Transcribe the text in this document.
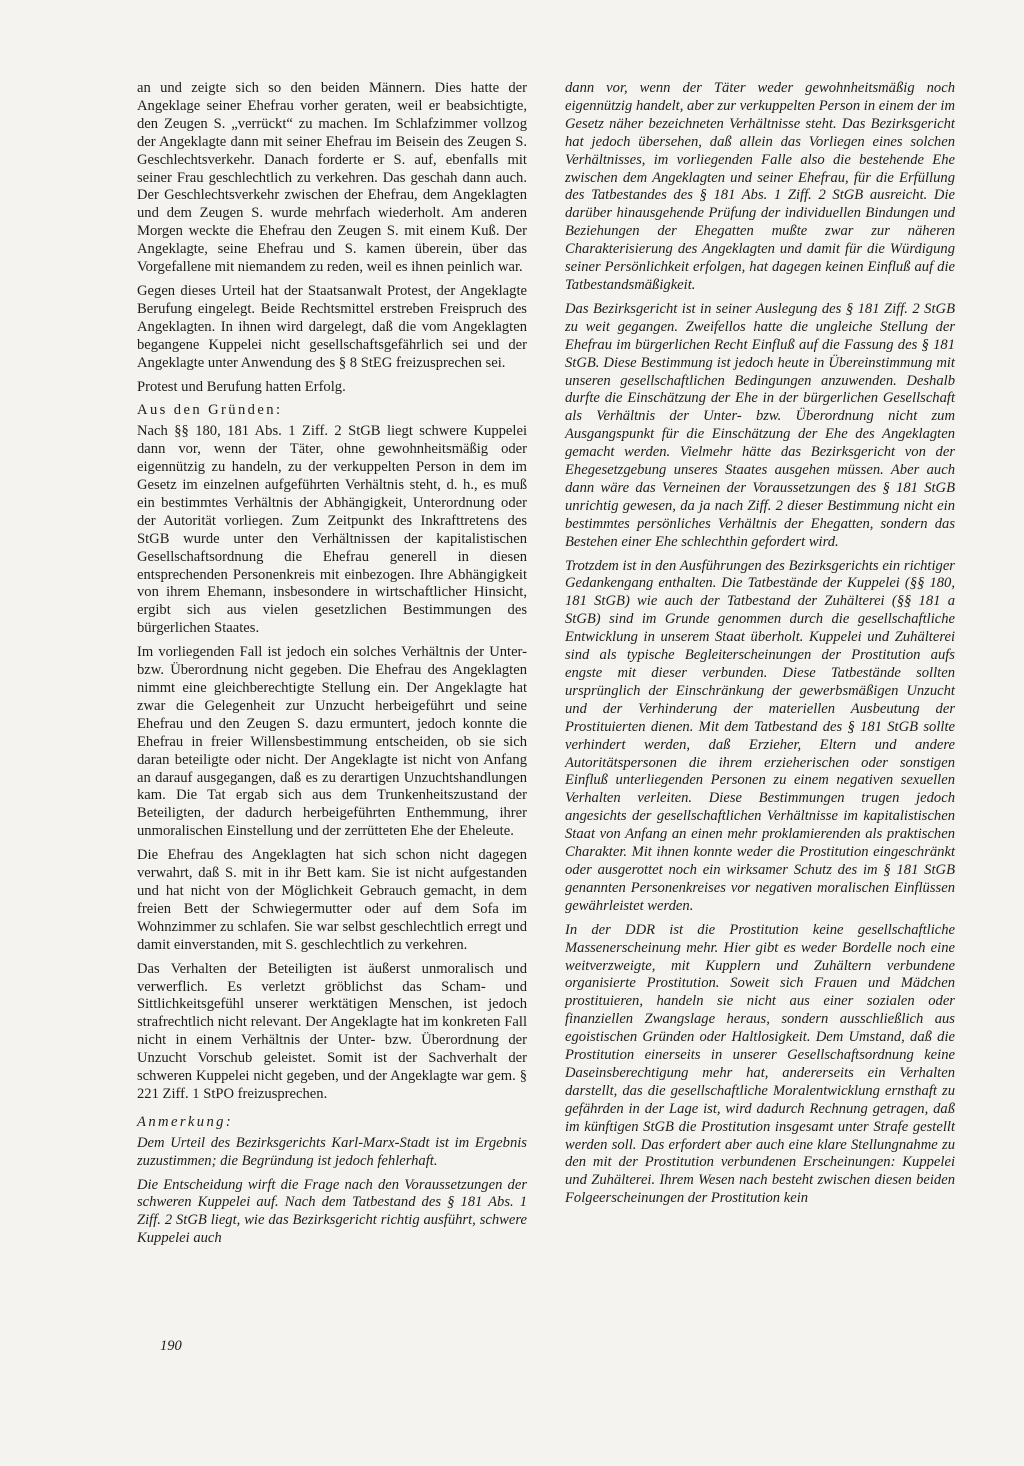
an und zeigte sich so den beiden Männern. Dies hatte der Angeklage seiner Ehefrau vorher geraten, weil er beabsichtigte, den Zeugen S. „verrückt“ zu machen. Im Schlafzimmer vollzog der Angeklagte dann mit seiner Ehefrau im Beisein des Zeugen S. Geschlechtsverkehr. Danach forderte er S. auf, ebenfalls mit seiner Frau geschlechtlich zu verkehren. Das geschah dann auch. Der Geschlechtsverkehr zwischen der Ehefrau, dem Angeklagten und dem Zeugen S. wurde mehrfach wiederholt. Am anderen Morgen weckte die Ehefrau den Zeugen S. mit einem Kuß. Der Angeklagte, seine Ehefrau und S. kamen überein, über das Vorgefallene mit niemandem zu reden, weil es ihnen peinlich war.

Gegen dieses Urteil hat der Staatsanwalt Protest, der Angeklagte Berufung eingelegt. Beide Rechtsmittel erstreben Freispruch des Angeklagten. In ihnen wird dargelegt, daß die vom Angeklagten begangene Kuppelei nicht gesellschaftsgefährlich sei und der Angeklagte unter Anwendung des § 8 StEG freizusprechen sei.

Protest und Berufung hatten Erfolg.

Aus den Gründen:

Nach §§ 180, 181 Abs. 1 Ziff. 2 StGB liegt schwere Kuppelei dann vor, wenn der Täter, ohne gewohnheitsmäßig oder eigennützig zu handeln, zu der verkuppelten Person in dem im Gesetz im einzelnen aufgeführten Verhältnis steht, d. h., es muß ein bestimmtes Verhältnis der Abhängigkeit, Unterordnung oder der Autorität vorliegen. Zum Zeitpunkt des Inkrafttretens des StGB wurde unter den Verhältnissen der kapitalistischen Gesellschaftsordnung die Ehefrau generell in diesen entsprechenden Personenkreis mit einbezogen. Ihre Abhängigkeit von ihrem Ehemann, insbesondere in wirtschaftlicher Hinsicht, ergibt sich aus vielen gesetzlichen Bestimmungen des bürgerlichen Staates.

Im vorliegenden Fall ist jedoch ein solches Verhältnis der Unter- bzw. Überordnung nicht gegeben. Die Ehefrau des Angeklagten nimmt eine gleichberechtigte Stellung ein. Der Angeklagte hat zwar die Gelegenheit zur Unzucht herbeigeführt und seine Ehefrau und den Zeugen S. dazu ermuntert, jedoch konnte die Ehefrau in freier Willensbestimmung entscheiden, ob sie sich daran beteiligte oder nicht. Der Angeklagte ist nicht von Anfang an darauf ausgegangen, daß es zu derartigen Unzuchtshandlungen kam. Die Tat ergab sich aus dem Trunkenheitszustand der Beteiligten, der dadurch herbeigeführten Enthemmung, ihrer unmoralischen Einstellung und der zerrütteten Ehe der Eheleute.

Die Ehefrau des Angeklagten hat sich schon nicht dagegen verwahrt, daß S. mit in ihr Bett kam. Sie ist nicht aufgestanden und hat nicht von der Möglichkeit Gebrauch gemacht, in dem freien Bett der Schwiegermutter oder auf dem Sofa im Wohnzimmer zu schlafen. Sie war selbst geschlechtlich erregt und damit einverstanden, mit S. geschlechtlich zu verkehren.

Das Verhalten der Beteiligten ist äußerst unmoralisch und verwerflich. Es verletzt gröblichst das Scham- und Sittlichkeitsgefühl unserer werktätigen Menschen, ist jedoch strafrechtlich nicht relevant. Der Angeklagte hat im konkreten Fall nicht in einem Verhältnis der Unter- bzw. Überordnung der Unzucht Vorschub geleistet. Somit ist der Sachverhalt der schweren Kuppelei nicht gegeben, und der Angeklagte war gem. § 221 Ziff. 1 StPO freizusprechen.

Anmerkung:

Dem Urteil des Bezirksgerichts Karl-Marx-Stadt ist im Ergebnis zuzustimmen; die Begründung ist jedoch fehlerhaft.

Die Entscheidung wirft die Frage nach den Voraussetzungen der schweren Kuppelei auf. Nach dem Tatbestand des § 181 Abs. 1 Ziff. 2 StGB liegt, wie das Bezirksgericht richtig ausführt, schwere Kuppelei auch

dann vor, wenn der Täter weder gewohnheitsmäßig noch eigennützig handelt, aber zur verkuppelten Person in einem der im Gesetz näher bezeichneten Verhältnisse steht. Das Bezirksgericht hat jedoch übersehen, daß allein das Vorliegen eines solchen Verhältnisses, im vorliegenden Falle also die bestehende Ehe zwischen dem Angeklagten und seiner Ehefrau, für die Erfüllung des Tatbestandes des § 181 Abs. 1 Ziff. 2 StGB ausreicht. Die darüber hinausgehende Prüfung der individuellen Bindungen und Beziehungen der Ehegatten mußte zwar zur näheren Charakterisierung des Angeklagten und damit für die Würdigung seiner Persönlichkeit erfolgen, hat dagegen keinen Einfluß auf die Tatbestandsmäßigkeit.

Das Bezirksgericht ist in seiner Auslegung des § 181 Ziff. 2 StGB zu weit gegangen. Zweifellos hatte die ungleiche Stellung der Ehefrau im bürgerlichen Recht Einfluß auf die Fassung des § 181 StGB. Diese Bestimmung ist jedoch heute in Übereinstimmung mit unseren gesellschaftlichen Bedingungen anzuwenden. Deshalb durfte die Einschätzung der Ehe in der bürgerlichen Gesellschaft als Verhältnis der Unter- bzw. Überordnung nicht zum Ausgangspunkt für die Einschätzung der Ehe des Angeklagten gemacht werden. Vielmehr hätte das Bezirksgericht von der Ehegesetzgebung unseres Staates ausgehen müssen. Aber auch dann wäre das Verneinen der Voraussetzungen des § 181 StGB unrichtig gewesen, da ja nach Ziff. 2 dieser Bestimmung nicht ein bestimmtes persönliches Verhältnis der Ehegatten, sondern das Bestehen einer Ehe schlechthin gefordert wird.

Trotzdem ist in den Ausführungen des Bezirksgerichts ein richtiger Gedankengang enthalten. Die Tatbestände der Kuppelei (§§ 180, 181 StGB) wie auch der Tatbestand der Zuhälterei (§§ 181 a StGB) sind im Grunde genommen durch die gesellschaftliche Entwicklung in unserem Staat überholt. Kuppelei und Zuhälterei sind als typische Begleiterscheinungen der Prostitution aufs engste mit dieser verbunden. Diese Tatbestände sollten ursprünglich der Einschränkung der gewerbsmäßigen Unzucht und der Verhinderung der materiellen Ausbeutung der Prostituierten dienen. Mit dem Tatbestand des § 181 StGB sollte verhindert werden, daß Erzieher, Eltern und andere Autoritätspersonen die ihrem erzieherischen oder sonstigen Einfluß unterliegenden Personen zu einem negativen sexuellen Verhalten verleiten. Diese Bestimmungen trugen jedoch angesichts der gesellschaftlichen Verhältnisse im kapitalistischen Staat von Anfang an einen mehr proklamierenden als praktischen Charakter. Mit ihnen konnte weder die Prostitution eingeschränkt oder ausgerottet noch ein wirksamer Schutz des im § 181 StGB genannten Personenkreises vor negativen moralischen Einflüssen gewährleistet werden.

In der DDR ist die Prostitution keine gesellschaftliche Massenerscheinung mehr. Hier gibt es weder Bordelle noch eine weitverzweigte, mit Kupplern und Zuhältern verbundene organisierte Prostitution. Soweit sich Frauen und Mädchen prostituieren, handeln sie nicht aus einer sozialen oder finanziellen Zwangslage heraus, sondern ausschließlich aus egoistischen Gründen oder Haltlosigkeit. Dem Umstand, daß die Prostitution einerseits in unserer Gesellschaftsordnung keine Daseinsberechtigung mehr hat, andererseits ein Verhalten darstellt, das die gesellschaftliche Moralentwicklung ernsthaft zu gefährden in der Lage ist, wird dadurch Rechnung getragen, daß im künftigen StGB die Prostitution insgesamt unter Strafe gestellt werden soll. Das erfordert aber auch eine klare Stellungnahme zu den mit der Prostitution verbundenen Erscheinungen: Kuppelei und Zuhälterei. Ihrem Wesen nach besteht zwischen diesen beiden Folgeerscheinungen der Prostitution kein

190
